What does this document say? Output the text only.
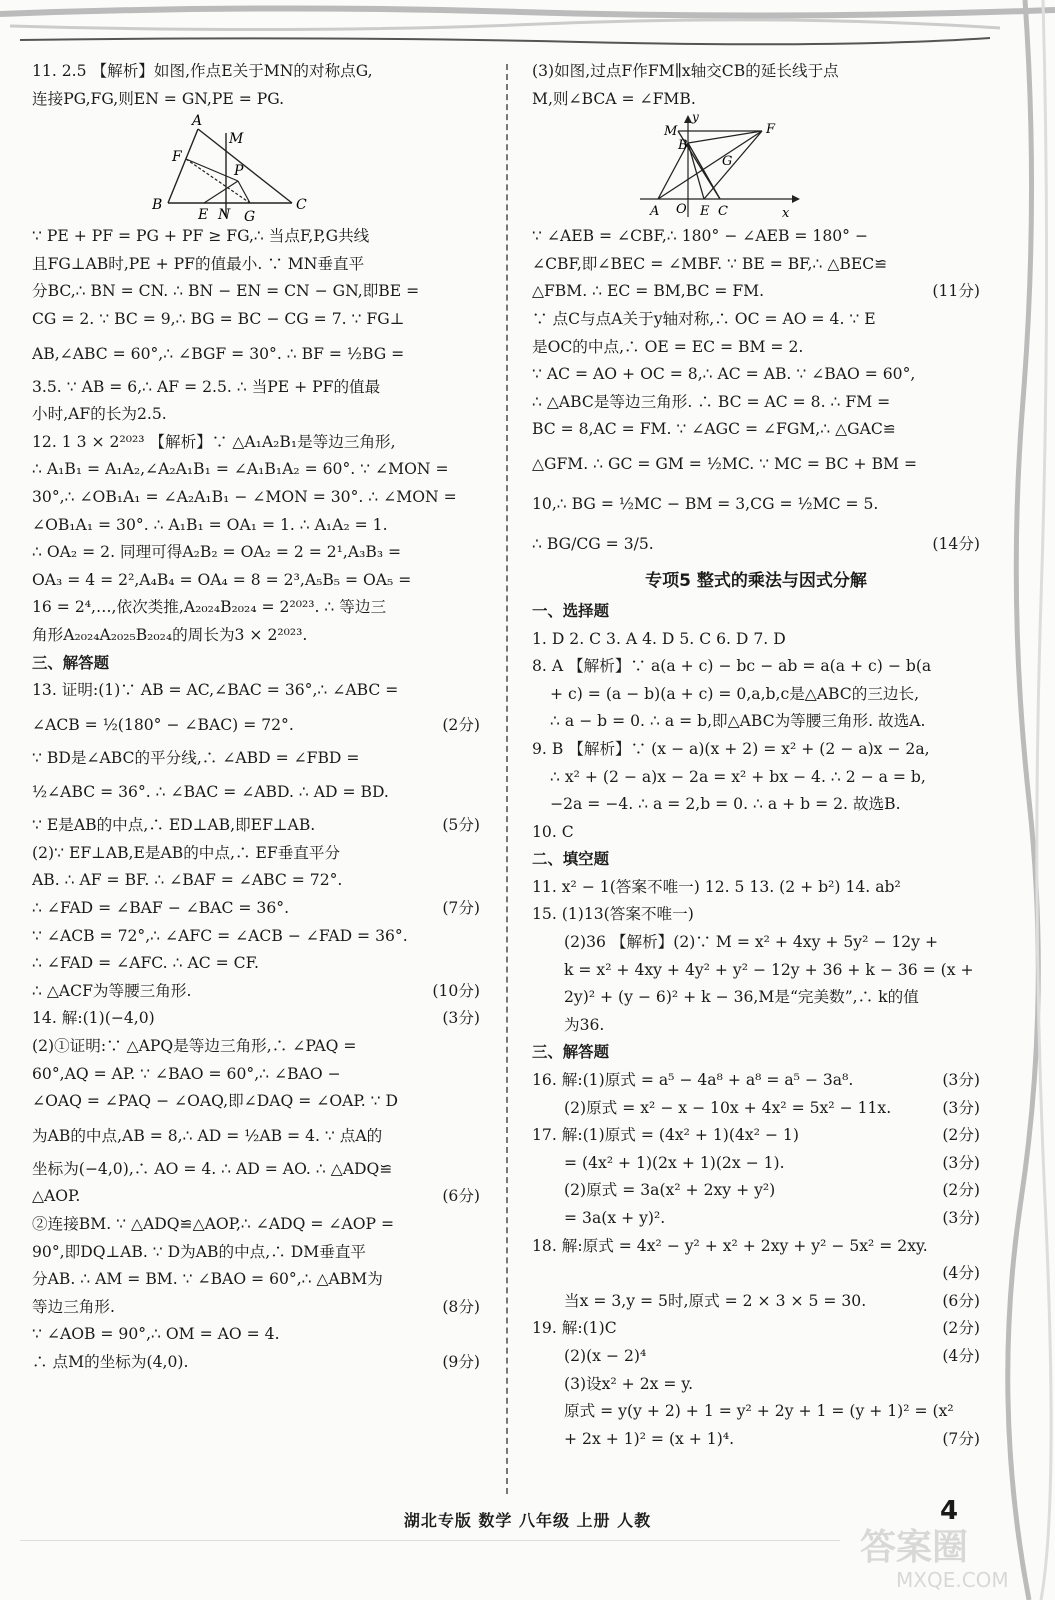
11. 2.5 【解析】如图,作点E关于MN的对称点G,
连接PG,FG,则EN = GN,PE = PG.
A
M
F
P
B
E N G
C
∵ PE + PF = PG + PF ≥ FG,∴ 当点F,P,G共线
且FG⊥AB时,PE + PF的值最小. ∵ MN垂直平
分BC,∴ BN = CN. ∴ BN − EN = CN − GN,即BE =
CG = 2. ∵ BC = 9,∴ BG = BC − CG = 7. ∵ FG⊥
AB,∠ABC = 60°,∴ ∠BGF = 30°. ∴ BF = ½BG =
3.5. ∵ AB = 6,∴ AF = 2.5. ∴ 当PE + PF的值最
小时,AF的长为2.5.
12. 1 3 × 2²⁰²³ 【解析】∵ △A₁A₂B₁是等边三角形,
∴ A₁B₁ = A₁A₂,∠A₂A₁B₁ = ∠A₁B₁A₂ = 60°. ∵ ∠MON =
30°,∴ ∠OB₁A₁ = ∠A₂A₁B₁ − ∠MON = 30°. ∴ ∠MON =
∠OB₁A₁ = 30°. ∴ A₁B₁ = OA₁ = 1. ∴ A₁A₂ = 1.
∴ OA₂ = 2. 同理可得A₂B₂ = OA₂ = 2 = 2¹,A₃B₃ =
OA₃ = 4 = 2²,A₄B₄ = OA₄ = 8 = 2³,A₅B₅ = OA₅ =
16 = 2⁴,…,依次类推,A₂₀₂₄B₂₀₂₄ = 2²⁰²³. ∴ 等边三
角形A₂₀₂₄A₂₀₂₅B₂₀₂₄的周长为3 × 2²⁰²³.
三、解答题
13. 证明:(1)∵ AB = AC,∠BAC = 36°,∴ ∠ABC =
∠ACB = ½(180° − ∠BAC) = 72°.	(2分)
∵ BD是∠ABC的平分线,∴ ∠ABD = ∠FBD =
½∠ABC = 36°. ∴ ∠BAC = ∠ABD. ∴ AD = BD.
∵ E是AB的中点,∴ ED⊥AB,即EF⊥AB.	(5分)
(2)∵ EF⊥AB,E是AB的中点,∴ EF垂直平分
AB. ∴ AF = BF. ∴ ∠BAF = ∠ABC = 72°.
∴ ∠FAD = ∠BAF − ∠BAC = 36°.	(7分)
∵ ∠ACB = 72°,∴ ∠AFC = ∠ACB − ∠FAD = 36°.
∴ ∠FAD = ∠AFC. ∴ AC = CF.
∴ △ACF为等腰三角形.	(10分)
14. 解:(1)(−4,0)	(3分)
(2)①证明:∵ △APQ是等边三角形,∴ ∠PAQ =
60°,AQ = AP. ∵ ∠BAO = 60°,∴ ∠BAO −
∠OAQ = ∠PAQ − ∠OAQ,即∠DAQ = ∠OAP. ∵ D
为AB的中点,AB = 8,∴ AD = ½AB = 4. ∵ 点A的
坐标为(−4,0),∴ AO = 4. ∴ AD = AO. ∴ △ADQ≌
△AOP.	(6分)
②连接BM. ∵ △ADQ≌△AOP,∴ ∠ADQ = ∠AOP =
90°,即DQ⊥AB. ∵ D为AB的中点,∴ DM垂直平
分AB. ∴ AM = BM. ∵ ∠BAO = 60°,∴ △ABM为
等边三角形.	(8分)
∵ ∠AOB = 90°,∴ OM = AO = 4.
∴ 点M的坐标为(4,0).	(9分)
(3)如图,过点F作FM∥x轴交CB的延长线于点
M,则∠BCA = ∠FMB.
y
M
B
F
G
A O E C	x
∵ ∠AEB = ∠CBF,∴ 180° − ∠AEB = 180° −
∠CBF,即∠BEC = ∠MBF. ∵ BE = BF,∴ △BEC≌
△FBM. ∴ EC = BM,BC = FM.	(11分)
∵ 点C与点A关于y轴对称,∴ OC = AO = 4. ∵ E
是OC的中点,∴ OE = EC = BM = 2.
∵ AC = AO + OC = 8,∴ AC = AB. ∵ ∠BAO = 60°,
∴ △ABC是等边三角形. ∴ BC = AC = 8. ∴ FM =
BC = 8,AC = FM. ∵ ∠AGC = ∠FGM,∴ △GAC≌
△GFM. ∴ GC = GM = ½MC. ∵ MC = BC + BM =
10,∴ BG = ½MC − BM = 3,CG = ½MC = 5.
∴ BG/CG = 3/5.	(14分)
专项5 整式的乘法与因式分解
一、选择题
1. D 2. C 3. A 4. D 5. C 6. D 7. D
8. A 【解析】∵ a(a + c) − bc − ab = a(a + c) − b(a
+ c) = (a − b)(a + c) = 0,a,b,c是△ABC的三边长,
∴ a − b = 0. ∴ a = b,即△ABC为等腰三角形. 故选A.
9. B 【解析】∵ (x − a)(x + 2) = x² + (2 − a)x − 2a,
∴ x² + (2 − a)x − 2a = x² + bx − 4. ∴ 2 − a = b,
−2a = −4. ∴ a = 2,b = 0. ∴ a + b = 2. 故选B.
10. C
二、填空题
11. x² − 1(答案不唯一) 12. 5 13. (2 + b²) 14. ab²
15. (1)13(答案不唯一)
(2)36 【解析】(2)∵ M = x² + 4xy + 5y² − 12y +
k = x² + 4xy + 4y² + y² − 12y + 36 + k − 36 = (x +
2y)² + (y − 6)² + k − 36,M是“完美数”,∴ k的值
为36.
三、解答题
16. 解:(1)原式 = a⁵ − 4a⁸ + a⁸ = a⁵ − 3a⁸.	(3分)
(2)原式 = x² − x − 10x + 4x² = 5x² − 11x.	(3分)
17. 解:(1)原式 = (4x² + 1)(4x² − 1)	(2分)
= (4x² + 1)(2x + 1)(2x − 1).	(3分)
(2)原式 = 3a(x² + 2xy + y²)	(2分)
= 3a(x + y)².	(3分)
18. 解:原式 = 4x² − y² + x² + 2xy + y² − 5x² = 2xy.
(4分)
当x = 3,y = 5时,原式 = 2 × 3 × 5 = 30.	(6分)
19. 解:(1)C	(2分)
(2)(x − 2)⁴	(4分)
(3)设x² + 2x = y.
原式 = y(y + 2) + 1 = y² + 2y + 1 = (y + 1)² = (x²
+ 2x + 1)² = (x + 1)⁴.	(7分)
湖北专版 数学 八年级 上册 人教	4
答案圈
MXQE.COM
